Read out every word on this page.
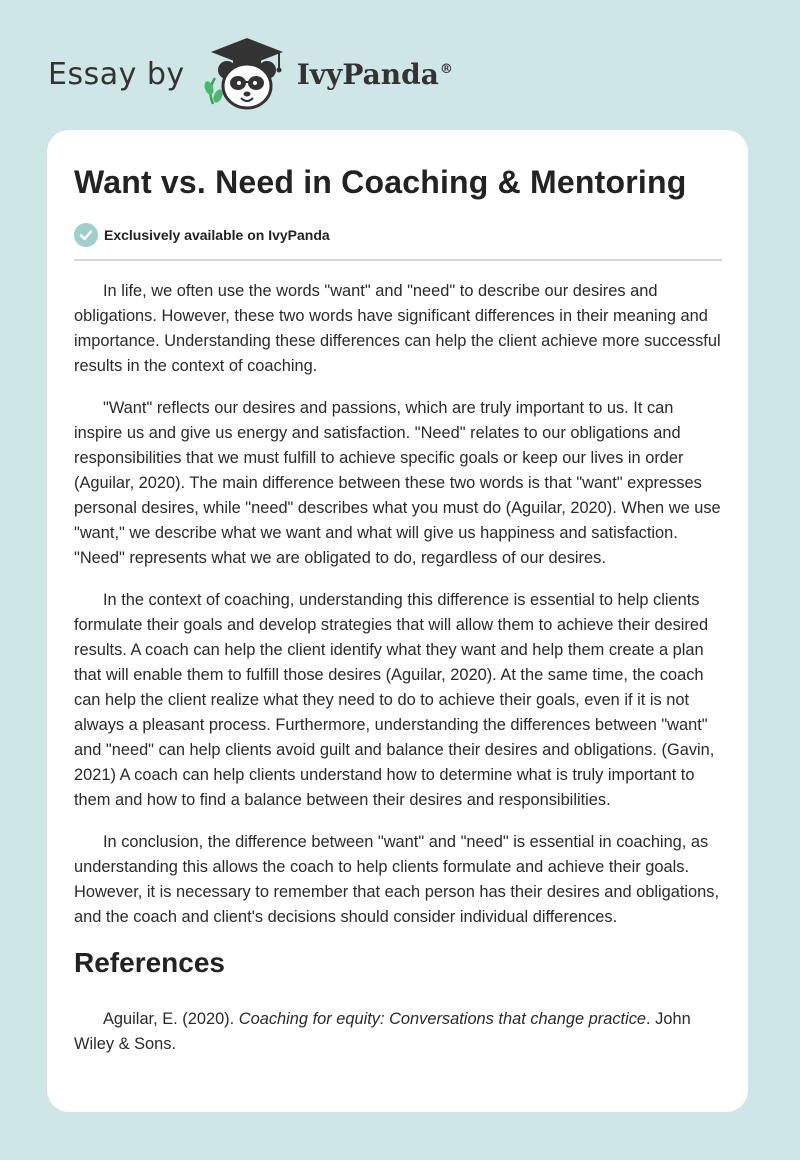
Essay by	IvyPanda®
Want vs. Need in Coaching & Mentoring
Exclusively available on IvyPanda

In life, we often use the words "want" and "need" to describe our desires and obligations. However, these two words have significant differences in their meaning and importance. Understanding these differences can help the client achieve more successful results in the context of coaching.

"Want" reflects our desires and passions, which are truly important to us. It can inspire us and give us energy and satisfaction. "Need" relates to our obligations and responsibilities that we must fulfill to achieve specific goals or keep our lives in order (Aguilar, 2020). The main difference between these two words is that "want" expresses personal desires, while "need" describes what you must do (Aguilar, 2020). When we use "want," we describe what we want and what will give us happiness and satisfaction. "Need" represents what we are obligated to do, regardless of our desires.

In the context of coaching, understanding this difference is essential to help clients formulate their goals and develop strategies that will allow them to achieve their desired results. A coach can help the client identify what they want and help them create a plan that will enable them to fulfill those desires (Aguilar, 2020). At the same time, the coach can help the client realize what they need to do to achieve their goals, even if it is not always a pleasant process. Furthermore, understanding the differences between "want" and "need" can help clients avoid guilt and balance their desires and obligations. (Gavin, 2021) A coach can help clients understand how to determine what is truly important to them and how to find a balance between their desires and responsibilities.

In conclusion, the difference between "want" and "need" is essential in coaching, as understanding this allows the coach to help clients formulate and achieve their goals. However, it is necessary to remember that each person has their desires and obligations, and the coach and client's decisions should consider individual differences.

References

Aguilar, E. (2020). Coaching for equity: Conversations that change practice. John Wiley & Sons.
